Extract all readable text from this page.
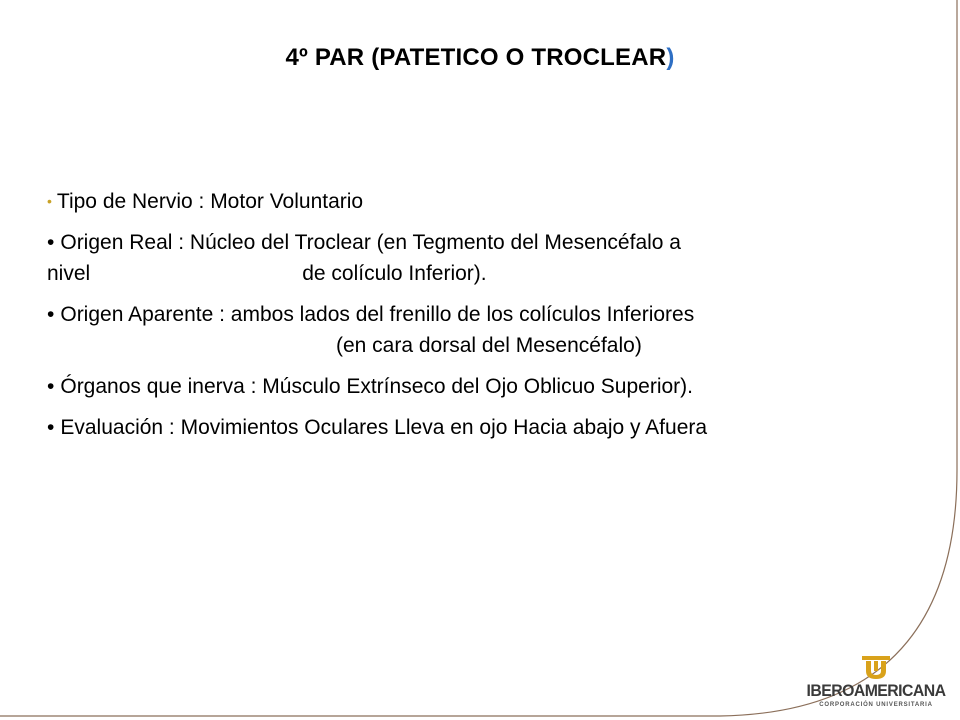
4º PAR (PATETICO O TROCLEAR)
• Tipo de Nervio : Motor Voluntario
• Origen Real : Núcleo del Troclear (en Tegmento del Mesencéfalo a
nivel	de colículo Inferior).
• Origen Aparente : ambos lados del frenillo de los colículos Inferiores
(en cara dorsal del Mesencéfalo)
• Órganos que inerva : Músculo Extrínseco del Ojo Oblicuo Superior).
• Evaluación : Movimientos Oculares Lleva en ojo Hacia abajo y Afuera
IBEROAMERICANA
CORPORACIÓN UNIVERSITARIA
